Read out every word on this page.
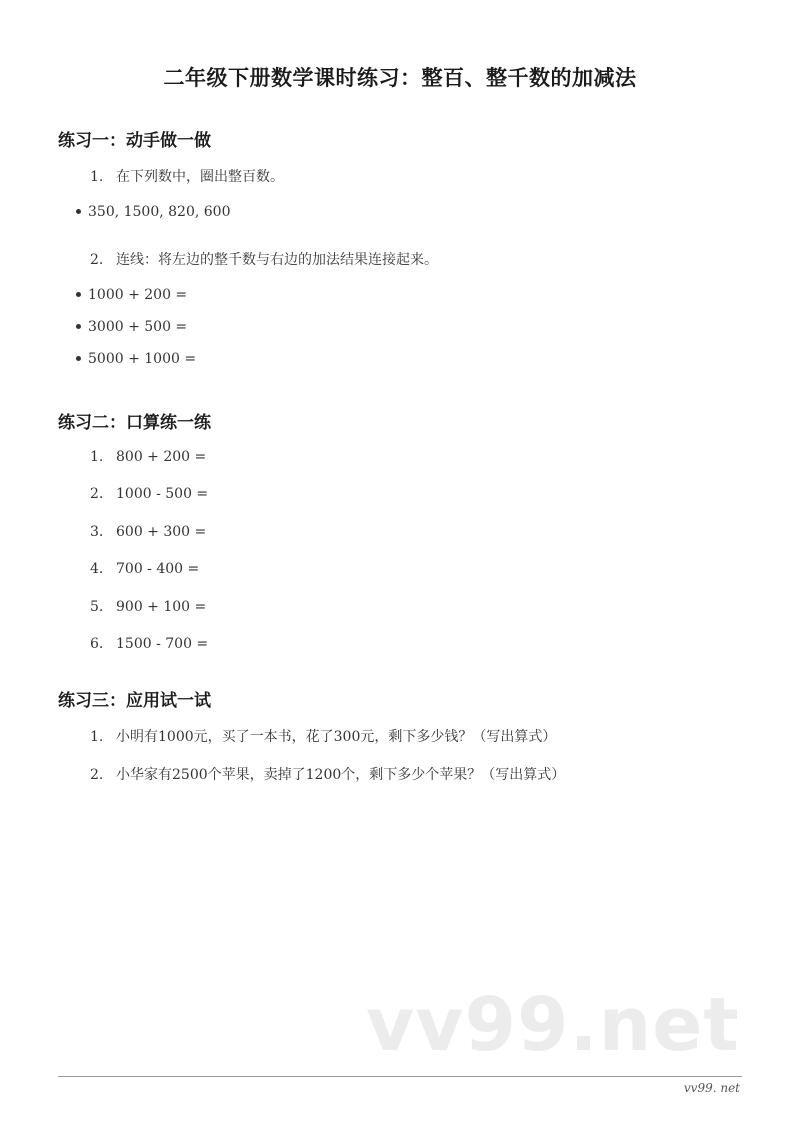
二年级下册数学课时练习：整百、整千数的加减法
练习一：动手做一做
1. 在下列数中，圈出整百数。
350, 1500, 820, 600
2. 连线：将左边的整千数与右边的加法结果连接起来。
1000 + 200 =
3000 + 500 =
5000 + 1000 =
练习二：口算练一练
1. 800 + 200 =
2. 1000 - 500 =
3. 600 + 300 =
4. 700 - 400 =
5. 900 + 100 =
6. 1500 - 700 =
练习三：应用试一试
1. 小明有1000元，买了一本书，花了300元，剩下多少钱？（写出算式）
2. 小华家有2500个苹果，卖掉了1200个，剩下多少个苹果？（写出算式）
vv99.net
vv99. net
